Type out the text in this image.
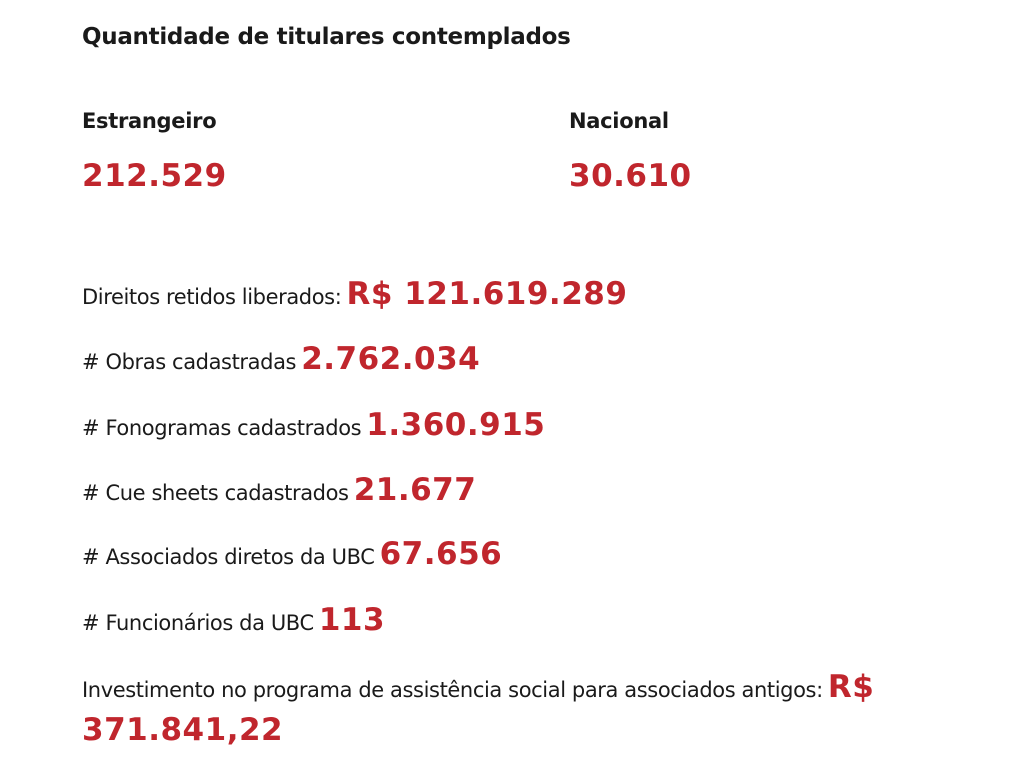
Quantidade de titulares contemplados
Estrangeiro
212.529
Nacional
30.610
Direitos retidos liberados: R$ 121.619.289
# Obras cadastradas 2.762.034
# Fonogramas cadastrados 1.360.915
# Cue sheets cadastrados 21.677
# Associados diretos da UBC 67.656
# Funcionários da UBC 113
Investimento no programa de assistência social para associados antigos: R$ 371.841,22
